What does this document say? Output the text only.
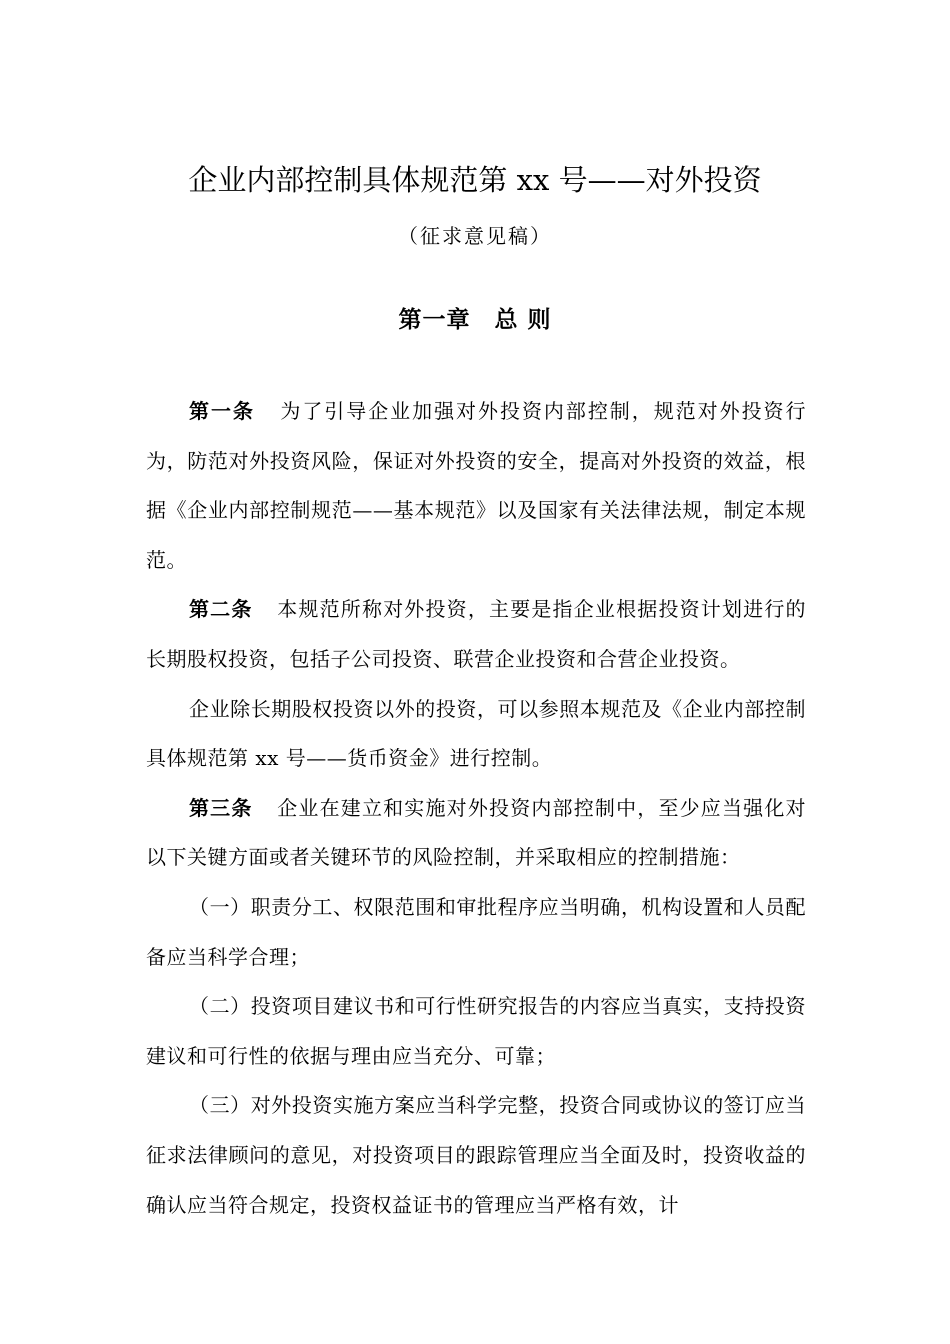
企业内部控制具体规范第 xx 号——对外投资
（征求意见稿）
第一章　总 则

第一条 为了引导企业加强对外投资内部控制，规范对外投资行为，防范对外投资风险，保证对外投资的安全，提高对外投资的效益，根据《企业内部控制规范——基本规范》以及国家有关法律法规，制定本规范。

第二条 本规范所称对外投资，主要是指企业根据投资计划进行的长期股权投资，包括子公司投资、联营企业投资和合营企业投资。

企业除长期股权投资以外的投资，可以参照本规范及《企业内部控制具体规范第 xx 号——货币资金》进行控制。

第三条 企业在建立和实施对外投资内部控制中，至少应当强化对以下关键方面或者关键环节的风险控制，并采取相应的控制措施：

（一）职责分工、权限范围和审批程序应当明确，机构设置和人员配备应当科学合理；

（二）投资项目建议书和可行性研究报告的内容应当真实，支持投资建议和可行性的依据与理由应当充分、可靠；

（三）对外投资实施方案应当科学完整，投资合同或协议的签订应当征求法律顾问的意见，对投资项目的跟踪管理应当全面及时，投资收益的确认应当符合规定，投资权益证书的管理应当严格有效，计
